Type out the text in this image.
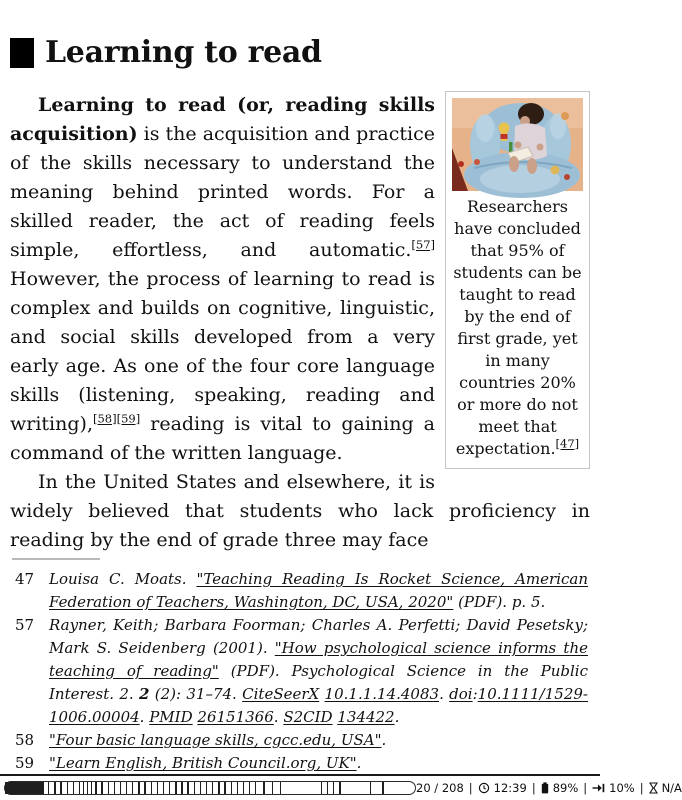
Learning to read
Researchers have concluded that 95% of students can be taught to read by the end of first grade, yet in many countries 20% or more do not meet that expectation.[47]

Learning to read (or, reading skills acquisition) is the acquisition and practice of the skills necessary to understand the meaning behind printed words. For a skilled reader, the act of reading feels simple, effortless, and automatic.[57] However, the process of learning to read is complex and builds on cognitive, linguistic, and social skills developed from a very early age. As one of the four core language skills (listening, speaking, reading and writing),[58][59] reading is vital to gaining a command of the written language.

In the United States and elsewhere, it is widely believed that students who lack proficiency in reading by the end of grade three may face

47 Louisa C. Moats. "Teaching Reading Is Rocket Science, American Federation of Teachers, Washington, DC, USA, 2020" (PDF). p. 5.
57 Rayner, Keith; Barbara Foorman; Charles A. Perfetti; David Pesetsky; Mark S. Seidenberg (2001). "How psychological science informs the teaching of reading" (PDF). Psychological Science in the Public Interest. 2. 2 (2): 31–74. CiteSeerX 10.1.1.14.4083. doi:10.1111/1529-1006.00004. PMID 26151366. S2CID 134422.
58 "Four basic language skills, cgcc.edu, USA".
59 "Learn English, British Council.org, UK".
20 / 208 | 12:39 | 89% | 10% | N/A
